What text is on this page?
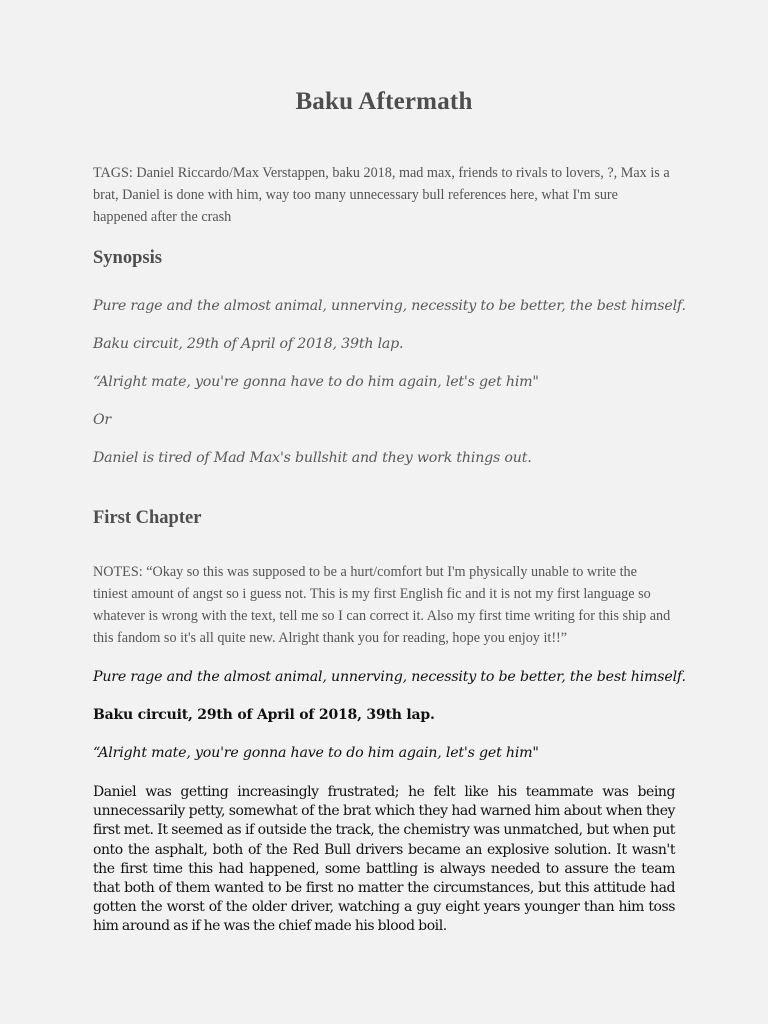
Baku Aftermath
TAGS: Daniel Riccardo/Max Verstappen, baku 2018, mad max, friends to rivals to lovers, ?, Max is a brat, Daniel is done with him, way too many unnecessary bull references here, what I'm sure happened after the crash
Synopsis
Pure rage and the almost animal, unnerving, necessity to be better, the best himself.
Baku circuit, 29th of April of 2018, 39th lap.
“Alright mate, you're gonna have to do him again, let's get him"
Or
Daniel is tired of Mad Max's bullshit and they work things out.
First Chapter
NOTES: “Okay so this was supposed to be a hurt/comfort but I'm physically unable to write the tiniest amount of angst so i guess not. This is my first English fic and it is not my first language so whatever is wrong with the text, tell me so I can correct it. Also my first time writing for this ship and this fandom so it's all quite new. Alright thank you for reading, hope you enjoy it!!”
Pure rage and the almost animal, unnerving, necessity to be better, the best himself.
Baku circuit, 29th of April of 2018, 39th lap.
“Alright mate, you're gonna have to do him again, let's get him"
Daniel was getting increasingly frustrated; he felt like his teammate was being unnecessarily petty, somewhat of the brat which they had warned him about when they first met. It seemed as if outside the track, the chemistry was unmatched, but when put onto the asphalt, both of the Red Bull drivers became an explosive solution. It wasn't the first time this had happened, some battling is always needed to assure the team that both of them wanted to be first no matter the circumstances, but this attitude had gotten the worst of the older driver, watching a guy eight years younger than him toss him around as if he was the chief made his blood boil.
